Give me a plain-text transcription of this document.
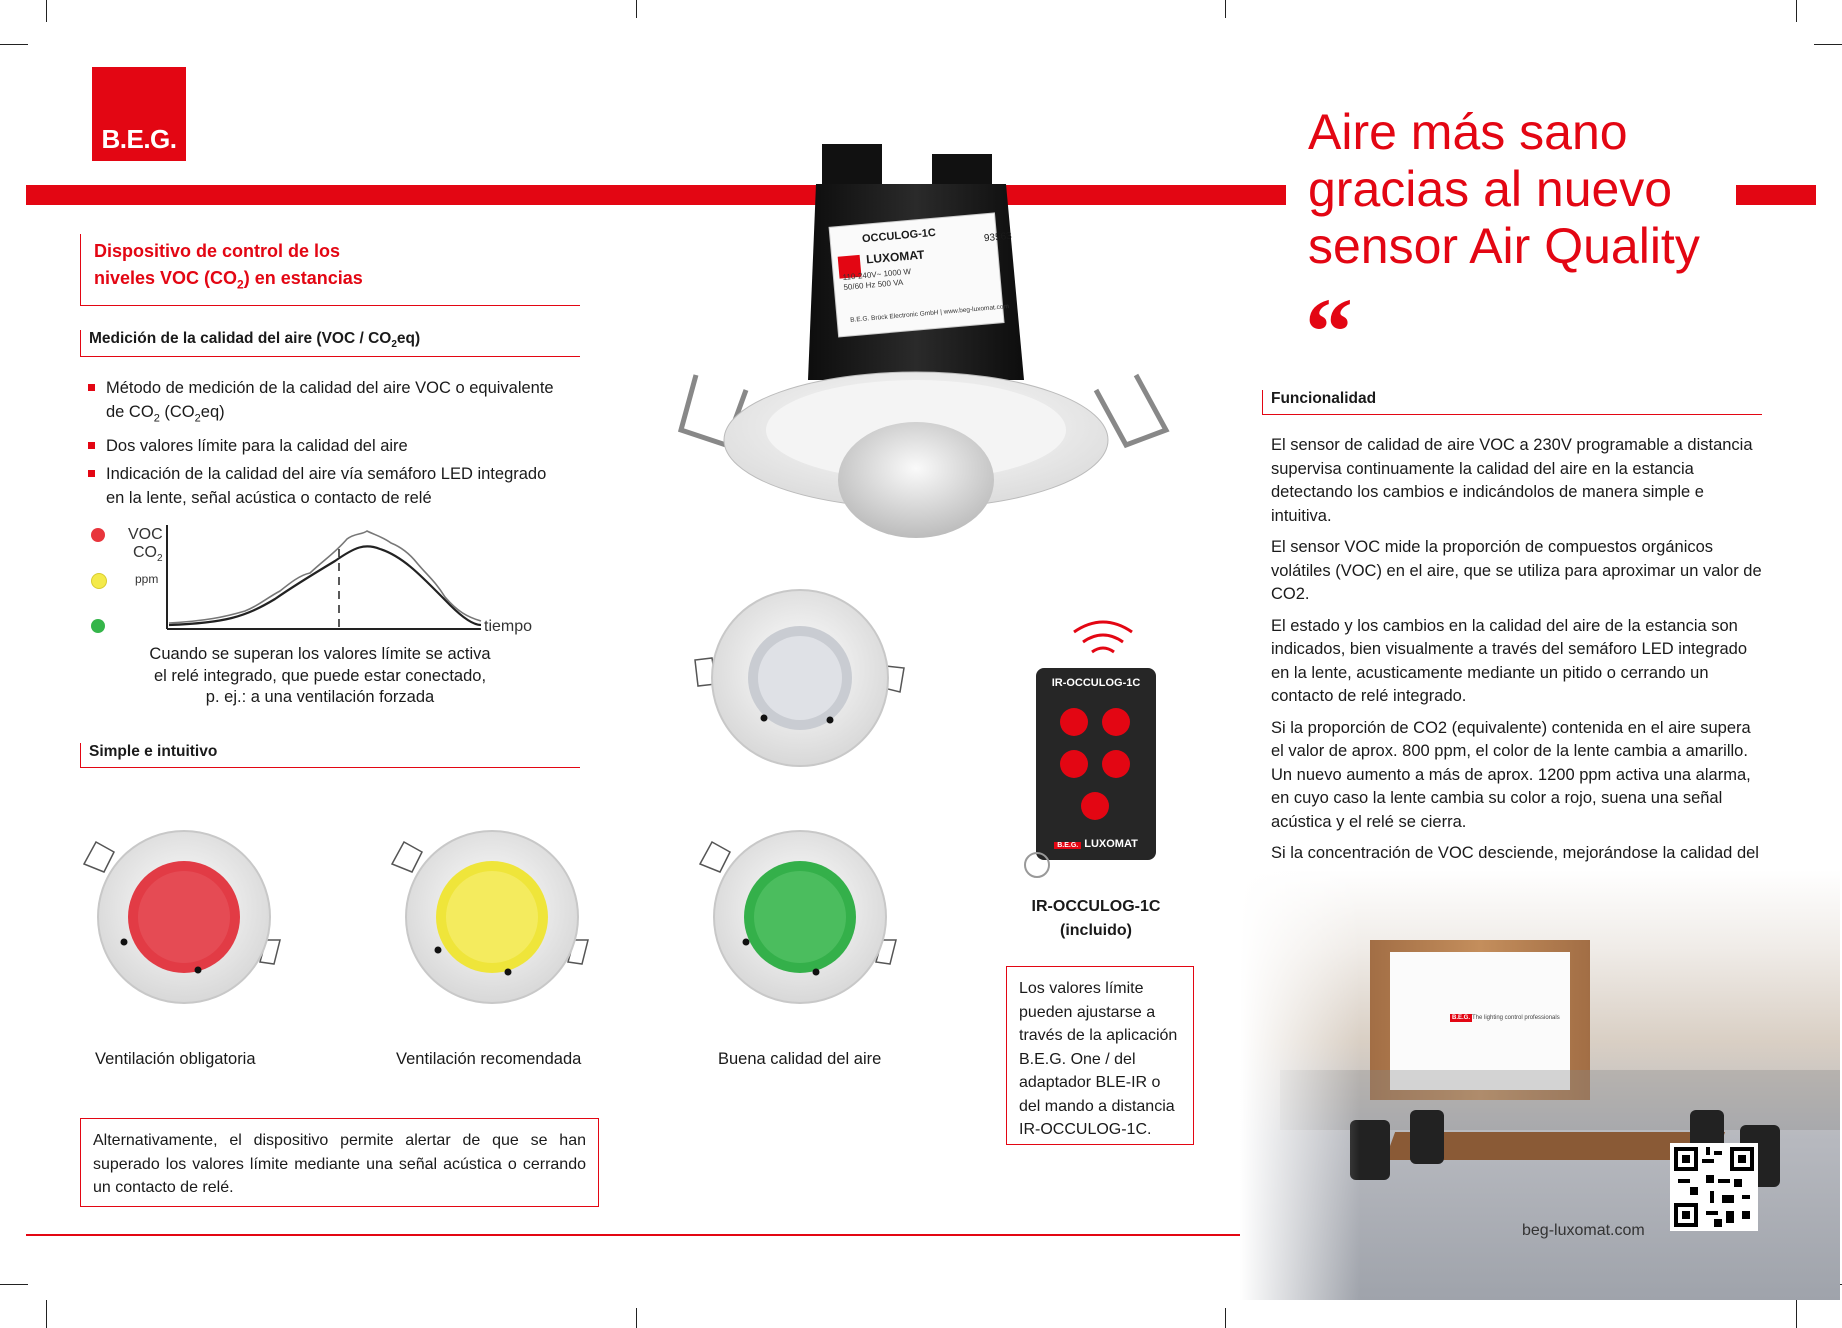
B.E.G.
Dispositivo de control de los
niveles VOC $(CO_2)$ en estancias
Medición de la calidad del aire $(VOC / CO_2eq)$
Método de medición de la calidad del aire VOC o equivalente de $CO_2$ $(CO_2eq)$
Dos valores límite para la calidad del aire
Indicación de la calidad del aire vía semáforo LED integrado en la lente, señal acústica o contacto de relé
VOC
$CO_2$
ppm
tiempo
Cuando se superan los valores límite se activa
el relé integrado, que puede estar conectado,
p. ej.: a una ventilación forzada
Simple e intuitivo
Ventilación obligatoria	Ventilación recomendada	Buena calidad del aire
Alternativamente, el dispositivo permite alertar de que se han superado los valores límite mediante una señal acústica o cerrando un contacto de relé.
OCCULOG-1C	93563
LUXOMAT
110-240V~ 1000 W
50/60 Hz 500 VA
B.E.G. Brück Electronic GmbH | www.beg-luxomat.com
IR-OCCULOG-1C
B.E.G. LUXOMAT
IR-OCCULOG-1C
(incluido)
Los valores límite pueden ajustarse a través de la aplicación B.E.G. One / del adaptador BLE-IR o del mando a distancia IR-OCCULOG-1C.
Aire más sano
gracias al nuevo
sensor Air Quality
“
Funcionalidad

El sensor de calidad de aire VOC a 230V programable a distancia supervisa continuamente la calidad del aire en la estancia detectando los cambios e indicándolos de manera simple e intuitiva.

El sensor VOC mide la proporción de compuestos orgánicos volátiles (VOC) en el aire, que se utiliza para aproximar un valor de CO2.

El estado y los cambios en la calidad del aire de la estancia son indicados, bien visualmente a través del semáforo LED integrado en la lente, acusticamente mediante un pitido o cerrando un contacto de relé integrado.

Si la proporción de CO2 (equivalente) contenida en el aire supera el valor de aprox. 800 ppm, el color de la lente cambia a amarillo. Un nuevo aumento a más de aprox. 1200 ppm activa una alarma, en cuyo caso la lente cambia su color a rojo, suena una señal acústica y el relé se cierra.

Si la concentración de VOC desciende, mejorándose la calidad del

B.E.G. The lighting control professionals
beg-luxomat.com
